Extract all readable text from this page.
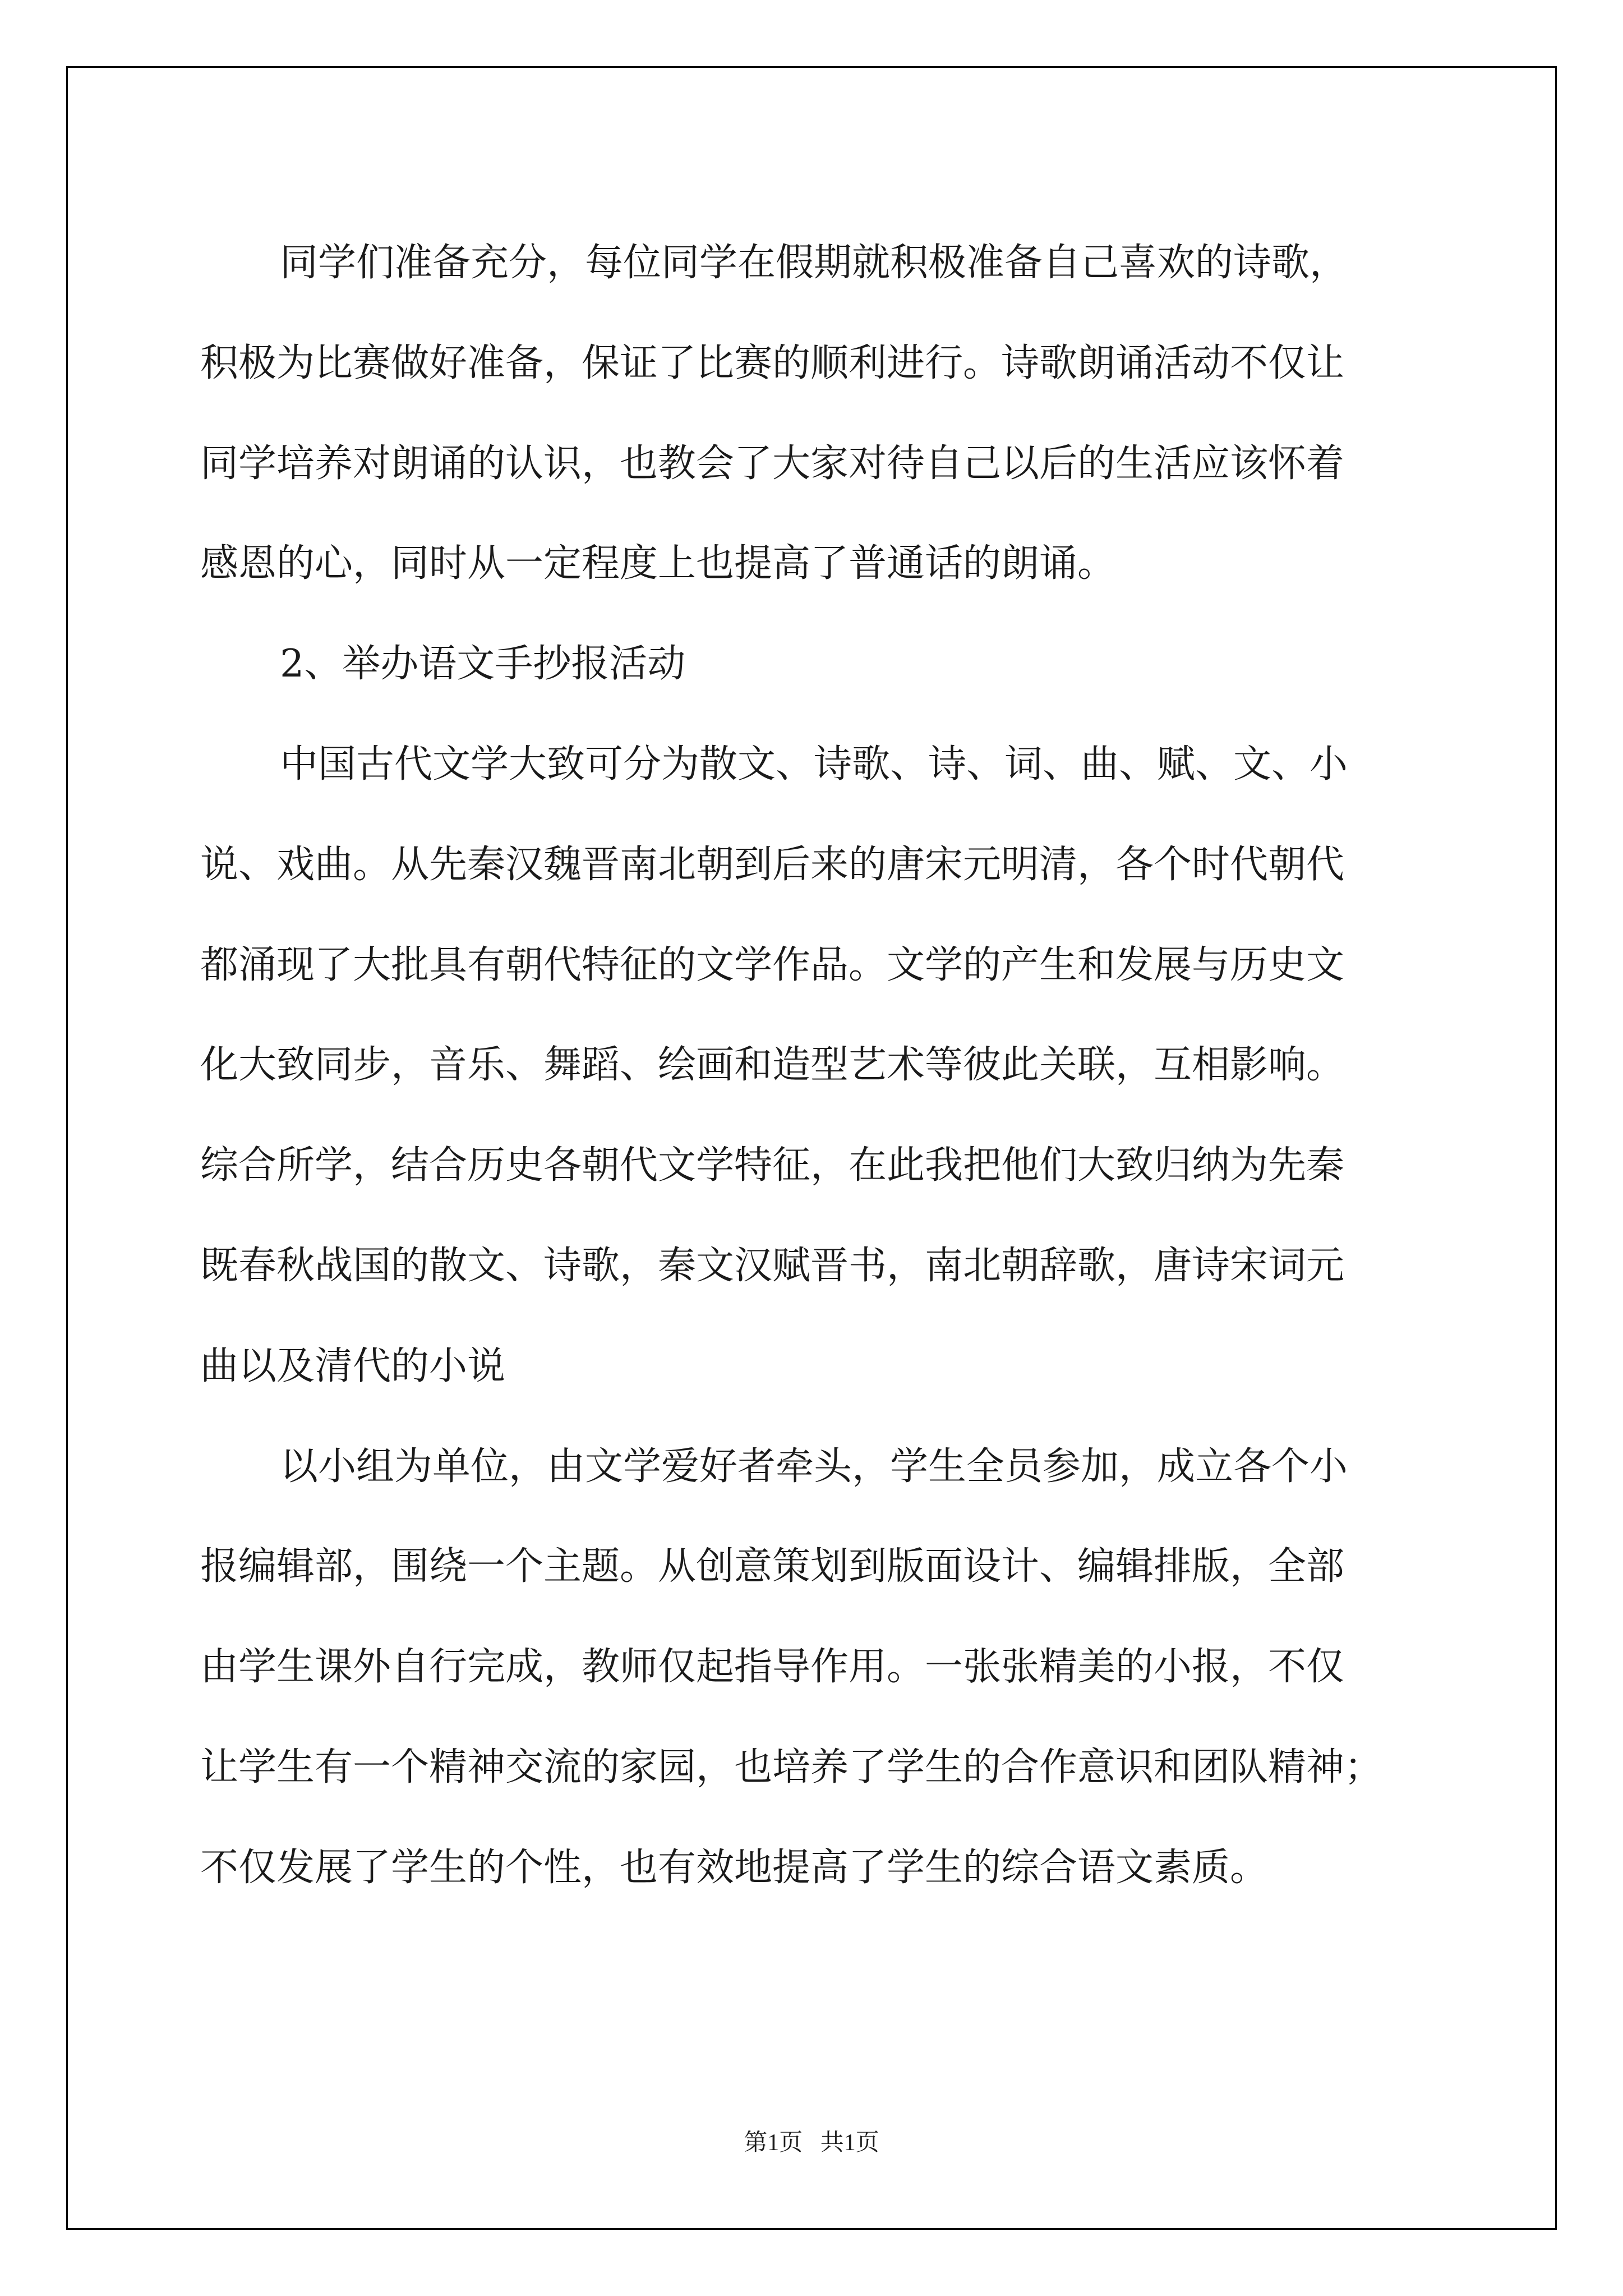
同学们准备充分，每位同学在假期就积极准备自己喜欢的诗歌，
积极为比赛做好准备，保证了比赛的顺利进行。诗歌朗诵活动不仅让
同学培养对朗诵的认识，也教会了大家对待自己以后的生活应该怀着
感恩的心，同时从一定程度上也提高了普通话的朗诵。
2、举办语文手抄报活动
中国古代文学大致可分为散文、诗歌、诗、词、曲、赋、文、小
说、戏曲。从先秦汉魏晋南北朝到后来的唐宋元明清，各个时代朝代
都涌现了大批具有朝代特征的文学作品。文学的产生和发展与历史文
化大致同步，音乐、舞蹈、绘画和造型艺术等彼此关联，互相影响。
综合所学，结合历史各朝代文学特征，在此我把他们大致归纳为先秦
既春秋战国的散文、诗歌，秦文汉赋晋书，南北朝辞歌，唐诗宋词元
曲以及清代的小说
以小组为单位，由文学爱好者牵头，学生全员参加，成立各个小
报编辑部，围绕一个主题。从创意策划到版面设计、编辑排版，全部
由学生课外自行完成，教师仅起指导作用。一张张精美的小报，不仅
让学生有一个精神交流的家园，也培养了学生的合作意识和团队精神；
不仅发展了学生的个性，也有效地提高了学生的综合语文素质。
第1页   共1页
